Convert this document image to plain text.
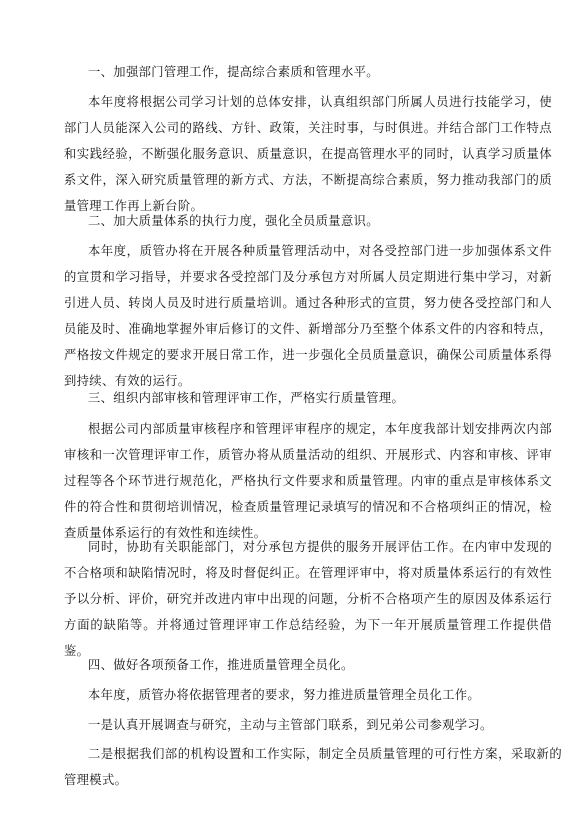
一、加强部门管理工作，提高综合素质和管理水平。

本年度将根据公司学习计划的总体安排，认真组织部门所属人员进行技能学习，使部门人员能深入公司的路线、方针、政策，关注时事，与时俱进。并结合部门工作特点和实践经验，不断强化服务意识、质量意识，在提高管理水平的同时，认真学习质量体系文件，深入研究质量管理的新方式、方法，不断提高综合素质，努力推动我部门的质量管理工作再上新台阶。

二、加大质量体系的执行力度，强化全员质量意识。

本年度，质管办将在开展各种质量管理活动中，对各受控部门进一步加强体系文件的宣贯和学习指导，并要求各受控部门及分承包方对所属人员定期进行集中学习，对新引进人员、转岗人员及时进行质量培训。通过各种形式的宣贯，努力使各受控部门和人员能及时、准确地掌握外审后修订的文件、新增部分乃至整个体系文件的内容和特点，严格按文件规定的要求开展日常工作，进一步强化全员质量意识，确保公司质量体系得到持续、有效的运行。

三、组织内部审核和管理评审工作，严格实行质量管理。

根据公司内部质量审核程序和管理评审程序的规定，本年度我部计划安排两次内部审核和一次管理评审工作，质管办将从质量活动的组织、开展形式、内容和审核、评审过程等各个环节进行规范化，严格执行文件要求和质量管理。内审的重点是审核体系文件的符合性和贯彻培训情况，检查质量管理记录填写的情况和不合格项纠正的情况，检查质量体系运行的有效性和连续性。

同时，协助有关职能部门，对分承包方提供的服务开展评估工作。在内审中发现的不合格项和缺陷情况时，将及时督促纠正。在管理评审中，将对质量体系运行的有效性予以分析、评价，研究并改进内审中出现的问题，分析不合格项产生的原因及体系运行方面的缺陷等。并将通过管理评审工作总结经验，为下一年开展质量管理工作提供借鉴。

四、做好各项预备工作，推进质量管理全员化。

本年度，质管办将依据管理者的要求，努力推进质量管理全员化工作。

一是认真开展调查与研究，主动与主管部门联系，到兄弟公司参观学习。

二是根据我们部的机构设置和工作实际，制定全员质量管理的可行性方案，采取新的管理模式。
